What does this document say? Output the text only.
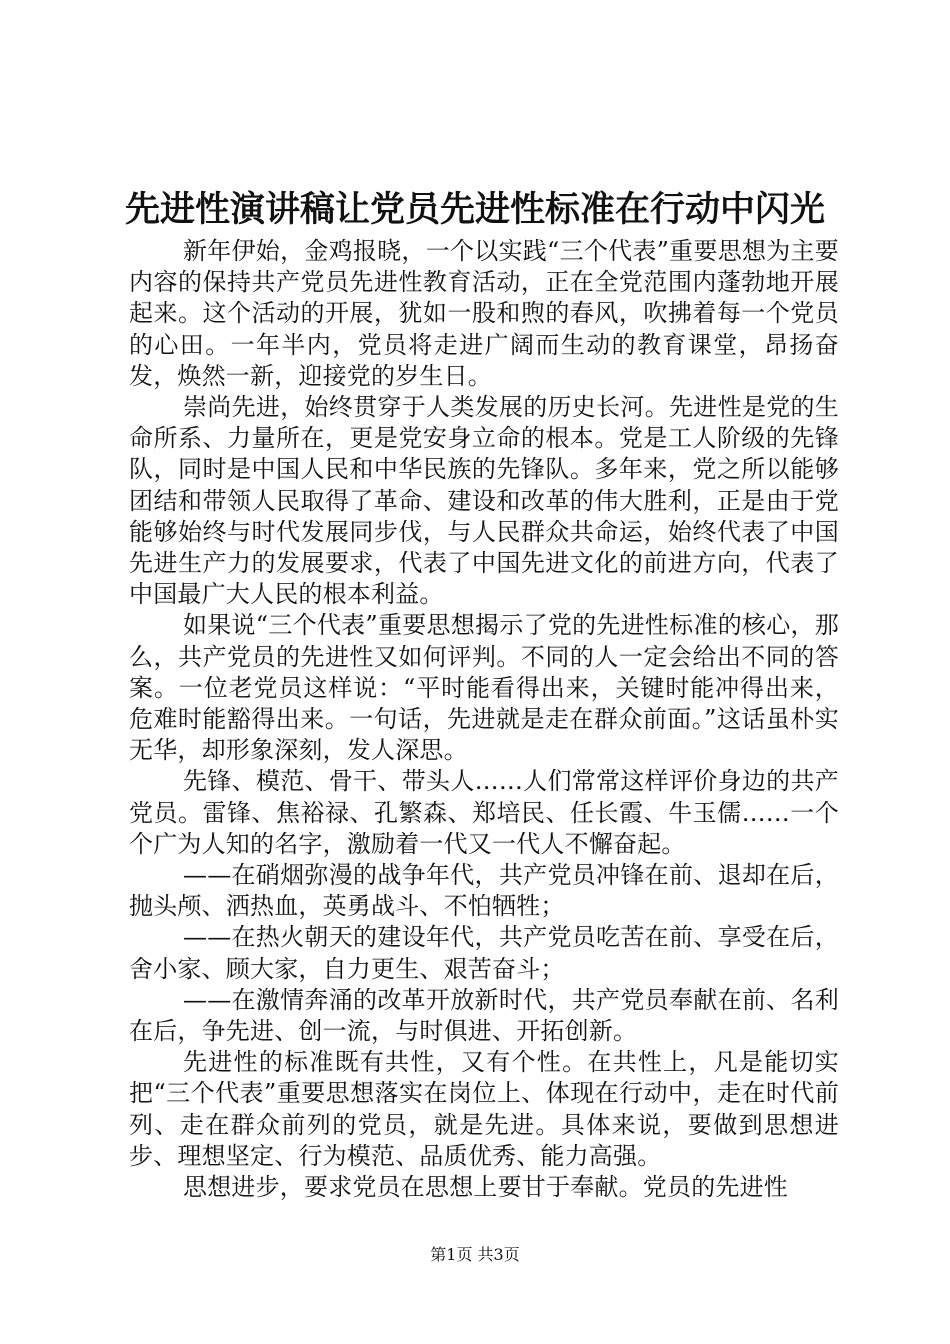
先进性演讲稿让党员先进性标准在行动中闪光

新年伊始，金鸡报晓，一个以实践“三个代表”重要思想为主要内容的保持共产党员先进性教育活动，正在全党范围内蓬勃地开展起来。这个活动的开展，犹如一股和煦的春风，吹拂着每一个党员的心田。一年半内，党员将走进广阔而生动的教育课堂，昂扬奋发，焕然一新，迎接党的岁生日。

崇尚先进，始终贯穿于人类发展的历史长河。先进性是党的生命所系、力量所在，更是党安身立命的根本。党是工人阶级的先锋队，同时是中国人民和中华民族的先锋队。多年来，党之所以能够团结和带领人民取得了革命、建设和改革的伟大胜利，正是由于党能够始终与时代发展同步伐，与人民群众共命运，始终代表了中国先进生产力的发展要求，代表了中国先进文化的前进方向，代表了中国最广大人民的根本利益。

如果说“三个代表”重要思想揭示了党的先进性标准的核心，那么，共产党员的先进性又如何评判。不同的人一定会给出不同的答案。一位老党员这样说：“平时能看得出来，关键时能冲得出来，危难时能豁得出来。一句话，先进就是走在群众前面。”这话虽朴实无华，却形象深刻，发人深思。

先锋、模范、骨干、带头人……人们常常这样评价身边的共产党员。雷锋、焦裕禄、孔繁森、郑培民、任长霞、牛玉儒……一个个广为人知的名字，激励着一代又一代人不懈奋起。

——在硝烟弥漫的战争年代，共产党员冲锋在前、退却在后，抛头颅、洒热血，英勇战斗、不怕牺牲；

——在热火朝天的建设年代，共产党员吃苦在前、享受在后，舍小家、顾大家，自力更生、艰苦奋斗；

——在激情奔涌的改革开放新时代，共产党员奉献在前、名利在后，争先进、创一流，与时俱进、开拓创新。

先进性的标准既有共性，又有个性。在共性上，凡是能切实把“三个代表”重要思想落实在岗位上、体现在行动中，走在时代前列、走在群众前列的党员，就是先进。具体来说，要做到思想进步、理想坚定、行为模范、品质优秀、能力高强。

思想进步，要求党员在思想上要甘于奉献。党员的先进性

第1页 共3页
